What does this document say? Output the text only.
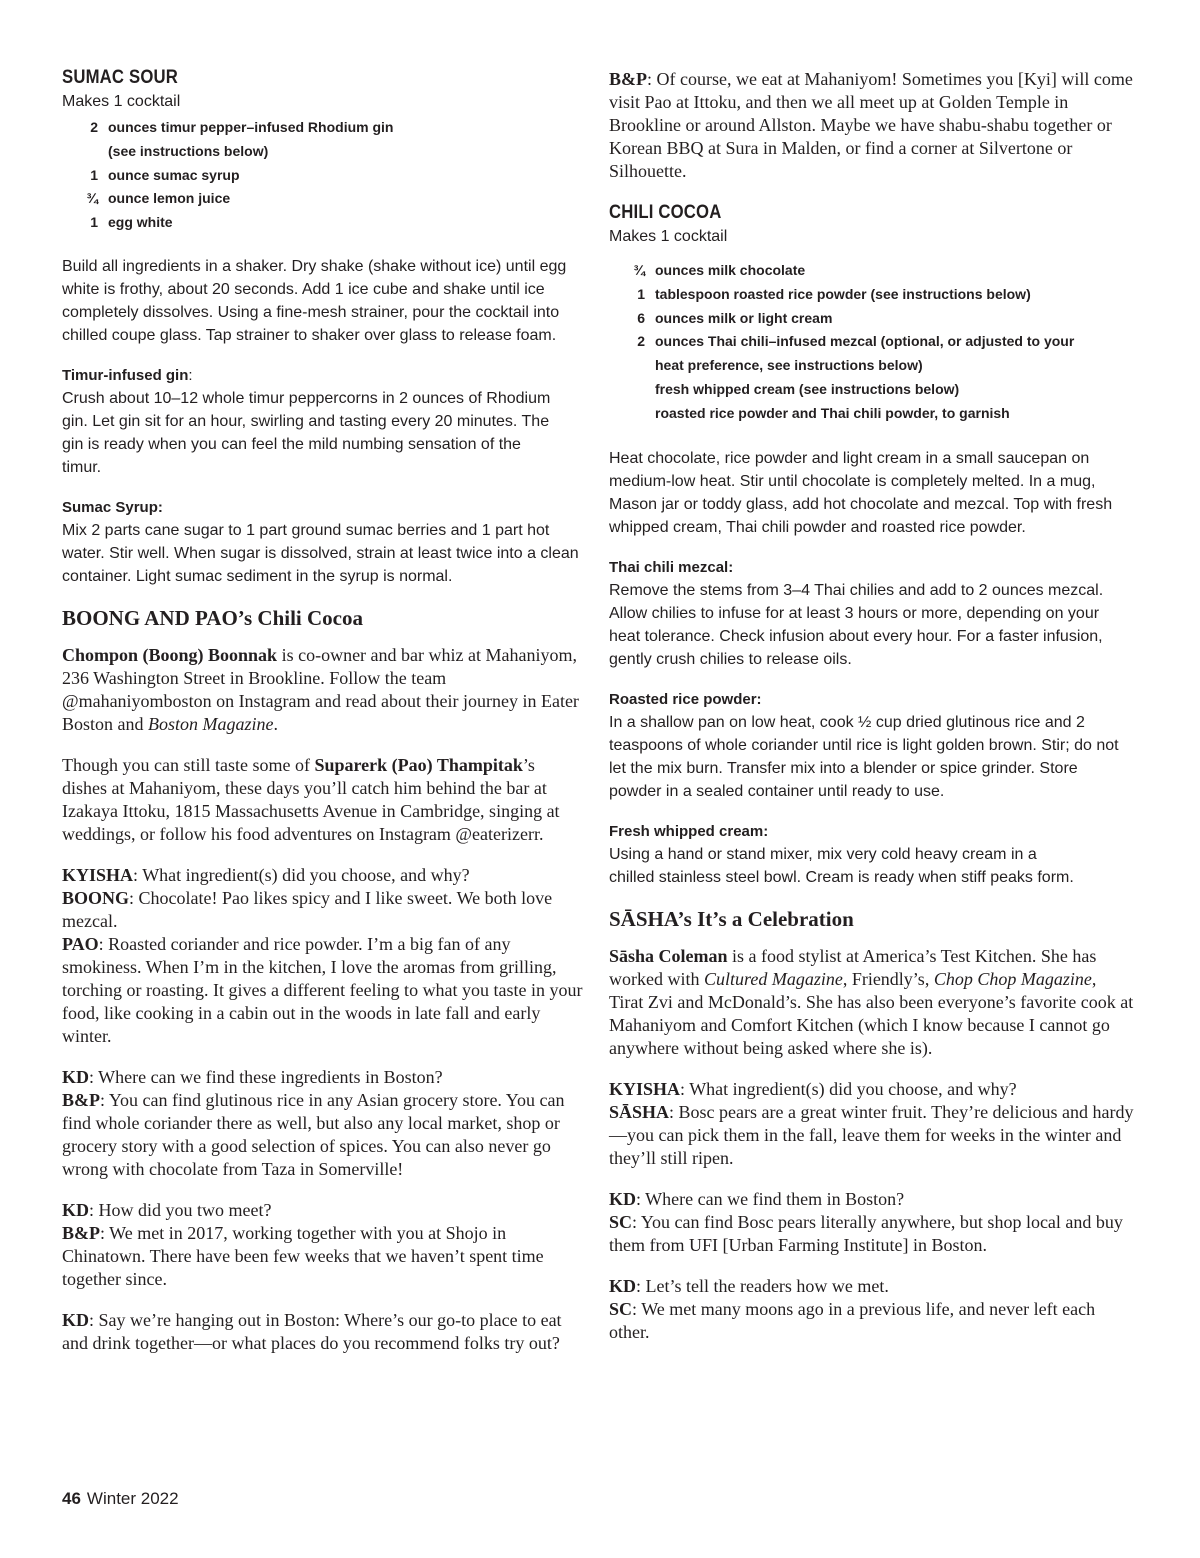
SUMAC SOUR
Makes 1 cocktail
2 ounces timur pepper–infused Rhodium gin
(see instructions below)
1 ounce sumac syrup
¾ ounce lemon juice
1 egg white

Build all ingredients in a shaker. Dry shake (shake without ice) until egg white is frothy, about 20 seconds. Add 1 ice cube and shake until ice completely dissolves. Using a fine-mesh strainer, pour the cocktail into chilled coupe glass. Tap strainer to shaker over glass to release foam.

Timur-infused gin:

Crush about 10–12 whole timur peppercorns in 2 ounces of Rhodium gin. Let gin sit for an hour, swirling and tasting every 20 minutes. The gin is ready when you can feel the mild numbing sensation of the timur.

Sumac Syrup:

Mix 2 parts cane sugar to 1 part ground sumac berries and 1 part hot water. Stir well. When sugar is dissolved, strain at least twice into a clean container. Light sumac sediment in the syrup is normal.

BOONG AND PAO’s Chili Cocoa

Chompon (Boong) Boonnak is co-owner and bar whiz at Mahaniyom, 236 Washington Street in Brookline. Follow the team @mahaniyomboston on Instagram and read about their journey in Eater Boston and Boston Magazine.

Though you can still taste some of Suparerk (Pao) Thampitak’s dishes at Mahaniyom, these days you’ll catch him behind the bar at Izakaya Ittoku, 1815 Massachusetts Avenue in Cambridge, singing at weddings, or follow his food adventures on Instagram @eaterizerr.

KYISHA: What ingredient(s) did you choose, and why?

BOONG: Chocolate! Pao likes spicy and I like sweet. We both love mezcal.

PAO: Roasted coriander and rice powder. I’m a big fan of any smokiness. When I’m in the kitchen, I love the aromas from grilling, torching or roasting. It gives a different feeling to what you taste in your food, like cooking in a cabin out in the woods in late fall and early winter.

KD: Where can we find these ingredients in Boston?

B&P: You can find glutinous rice in any Asian grocery store. You can find whole coriander there as well, but also any local market, shop or grocery story with a good selection of spices. You can also never go wrong with chocolate from Taza in Somerville!

KD: How did you two meet?

B&P: We met in 2017, working together with you at Shojo in Chinatown. There have been few weeks that we haven’t spent time together since.

KD: Say we’re hanging out in Boston: Where’s our go-to place to eat and drink together—or what places do you recommend folks try out?

B&P: Of course, we eat at Mahaniyom! Sometimes you [Kyi] will come visit Pao at Ittoku, and then we all meet up at Golden Temple in Brookline or around Allston. Maybe we have shabu-shabu together or Korean BBQ at Sura in Malden, or find a corner at Silvertone or Silhouette.

CHILI COCOA
Makes 1 cocktail
¾ ounces milk chocolate
1 tablespoon roasted rice powder (see instructions below)
6 ounces milk or light cream
2 ounces Thai chili–infused mezcal (optional, or adjusted to your
heat preference, see instructions below)
fresh whipped cream (see instructions below)
roasted rice powder and Thai chili powder, to garnish

Heat chocolate, rice powder and light cream in a small saucepan on medium-low heat. Stir until chocolate is completely melted. In a mug, Mason jar or toddy glass, add hot chocolate and mezcal. Top with fresh whipped cream, Thai chili powder and roasted rice powder.

Thai chili mezcal:

Remove the stems from 3–4 Thai chilies and add to 2 ounces mezcal. Allow chilies to infuse for at least 3 hours or more, depending on your heat tolerance. Check infusion about every hour. For a faster infusion, gently crush chilies to release oils.

Roasted rice powder:

In a shallow pan on low heat, cook ½ cup dried glutinous rice and 2 teaspoons of whole coriander until rice is light golden brown. Stir; do not let the mix burn. Transfer mix into a blender or spice grinder. Store powder in a sealed container until ready to use.

Fresh whipped cream:

Using a hand or stand mixer, mix very cold heavy cream in a chilled stainless steel bowl. Cream is ready when stiff peaks form.

SĀSHA’s It’s a Celebration

Sāsha Coleman is a food stylist at America’s Test Kitchen. She has worked with Cultured Magazine, Friendly’s, Chop Chop Magazine, Tirat Zvi and McDonald’s. She has also been everyone’s favorite cook at Mahaniyom and Comfort Kitchen (which I know because I cannot go anywhere without being asked where she is).

KYISHA: What ingredient(s) did you choose, and why?

SĀSHA: Bosc pears are a great winter fruit. They’re delicious and hardy—you can pick them in the fall, leave them for weeks in the winter and they’ll still ripen.

KD: Where can we find them in Boston?

SC: You can find Bosc pears literally anywhere, but shop local and buy them from UFI [Urban Farming Institute] in Boston.

KD: Let’s tell the readers how we met.

SC: We met many moons ago in a previous life, and never left each other.

46 Winter 2022
